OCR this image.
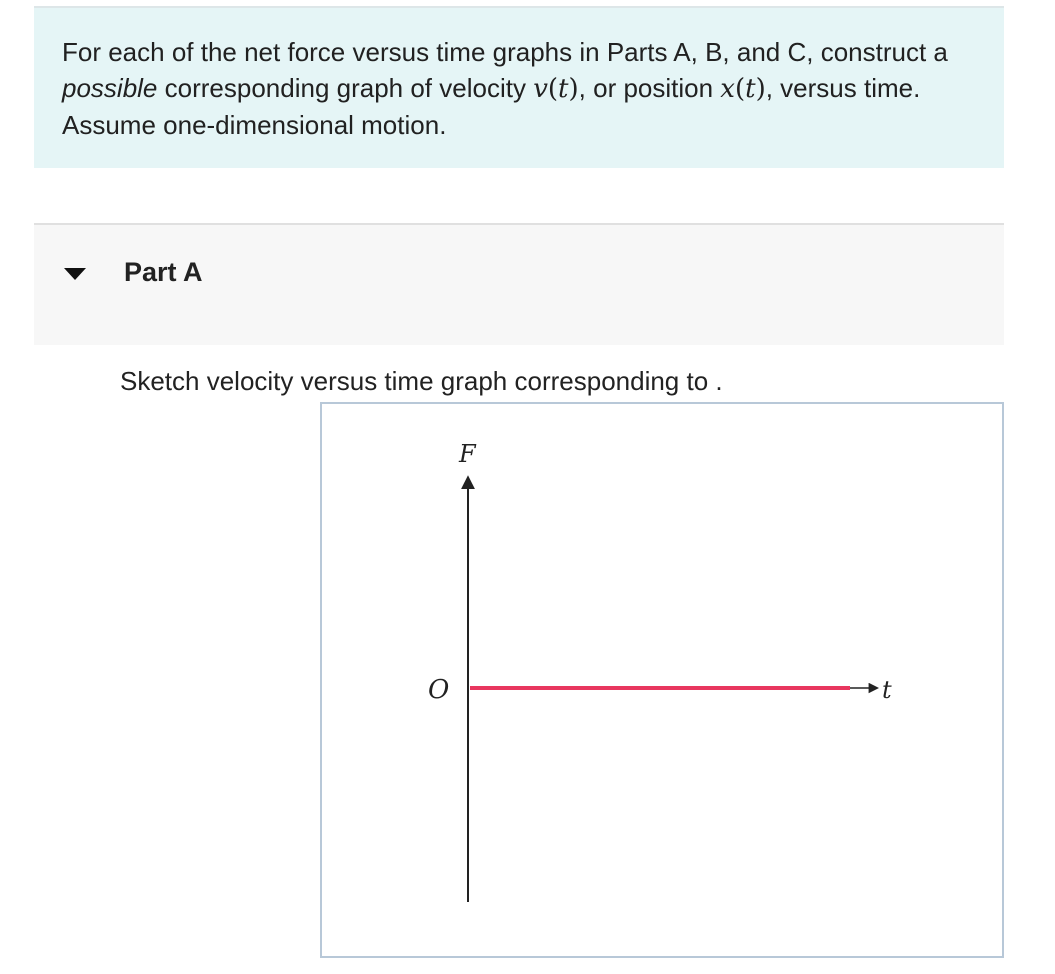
For each of the net force versus time graphs in Parts A, B, and C, construct a possible corresponding graph of velocity v(t), or position x(t), versus time. Assume one-dimensional motion.
Part A
Sketch velocity versus time graph corresponding to .
F
O	t
